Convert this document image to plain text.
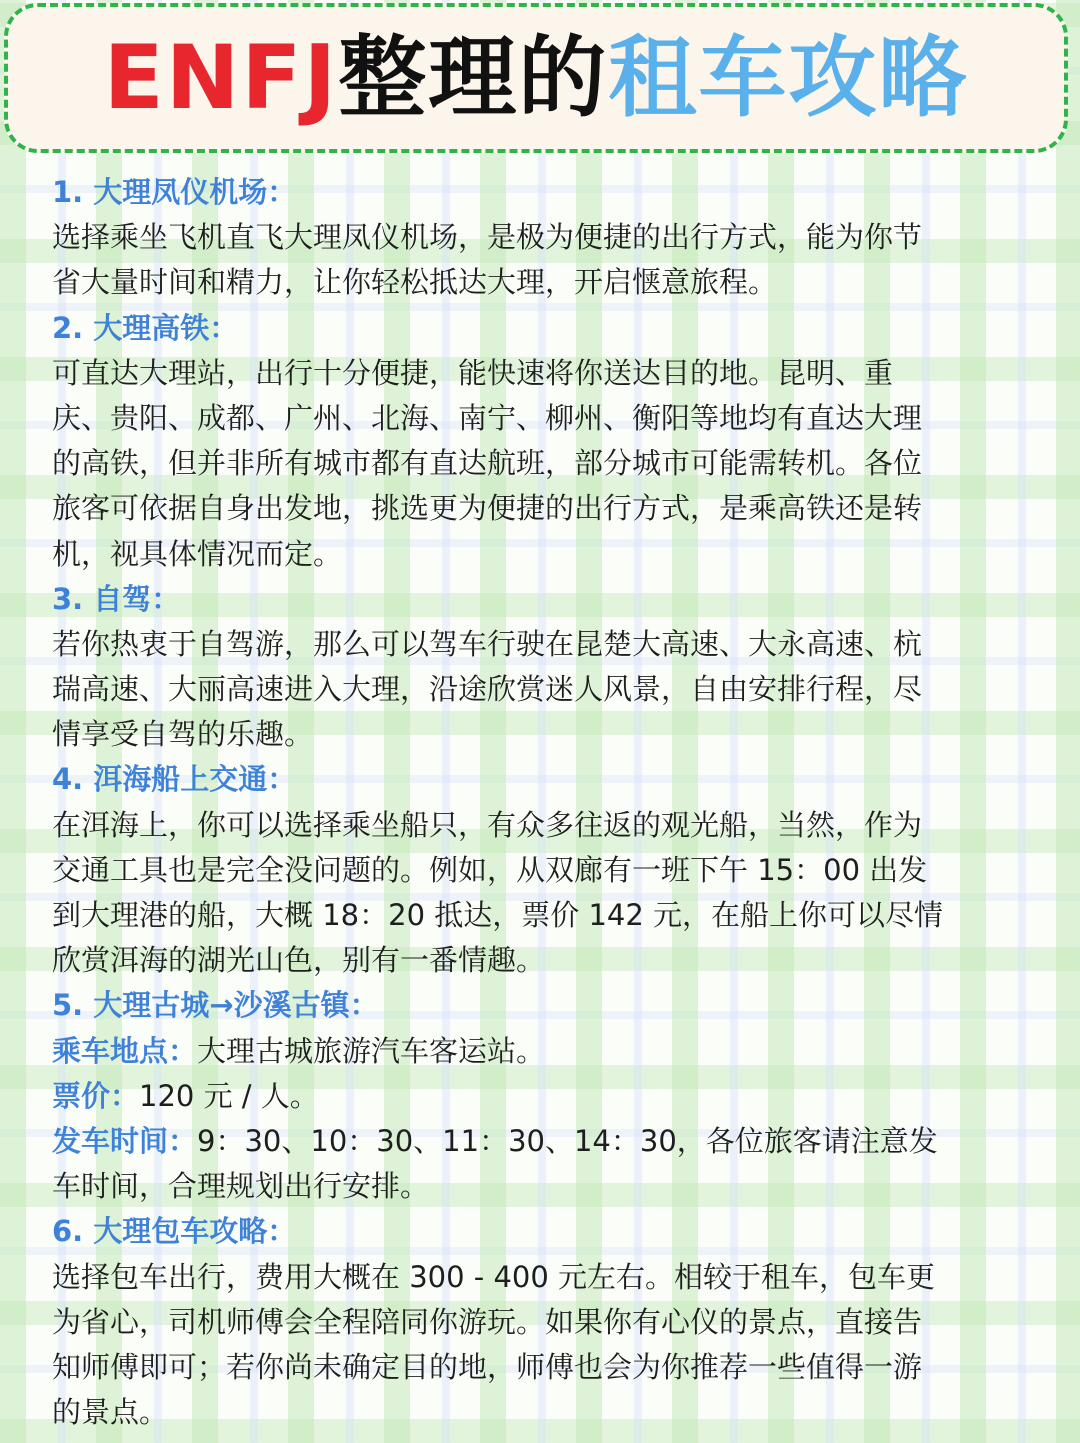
ENFJ 整理的 租车攻略
1. 大理凤仪机场：
选择乘坐飞机直飞大理凤仪机场，是极为便捷的出行方式，能为你节
省大量时间和精力，让你轻松抵达大理，开启惬意旅程。
2. 大理高铁：
可直达大理站，出行十分便捷，能快速将你送达目的地。昆明、重
庆、贵阳、成都、广州、北海、南宁、柳州、衡阳等地均有直达大理
的高铁，但并非所有城市都有直达航班，部分城市可能需转机。各位
旅客可依据自身出发地，挑选更为便捷的出行方式，是乘高铁还是转
机，视具体情况而定。
3. 自驾：
若你热衷于自驾游，那么可以驾车行驶在昆楚大高速、大永高速、杭
瑞高速、大丽高速进入大理，沿途欣赏迷人风景，自由安排行程，尽
情享受自驾的乐趣。
4. 洱海船上交通：
在洱海上，你可以选择乘坐船只，有众多往返的观光船，当然，作为
交通工具也是完全没问题的。例如，从双廊有一班下午 15：00 出发
到大理港的船，大概 18：20 抵达，票价 142 元，在船上你可以尽情
欣赏洱海的湖光山色，别有一番情趣。
5. 大理古城→沙溪古镇：
乘车地点：大理古城旅游汽车客运站。
票价：120 元 / 人。
发车时间：9：30、10：30、11：30、14：30，各位旅客请注意发
车时间，合理规划出行安排。
6. 大理包车攻略：
选择包车出行，费用大概在 300 - 400 元左右。相较于租车，包车更
为省心，司机师傅会全程陪同你游玩。如果你有心仪的景点，直接告
知师傅即可；若你尚未确定目的地，师傅也会为你推荐一些值得一游
的景点。
